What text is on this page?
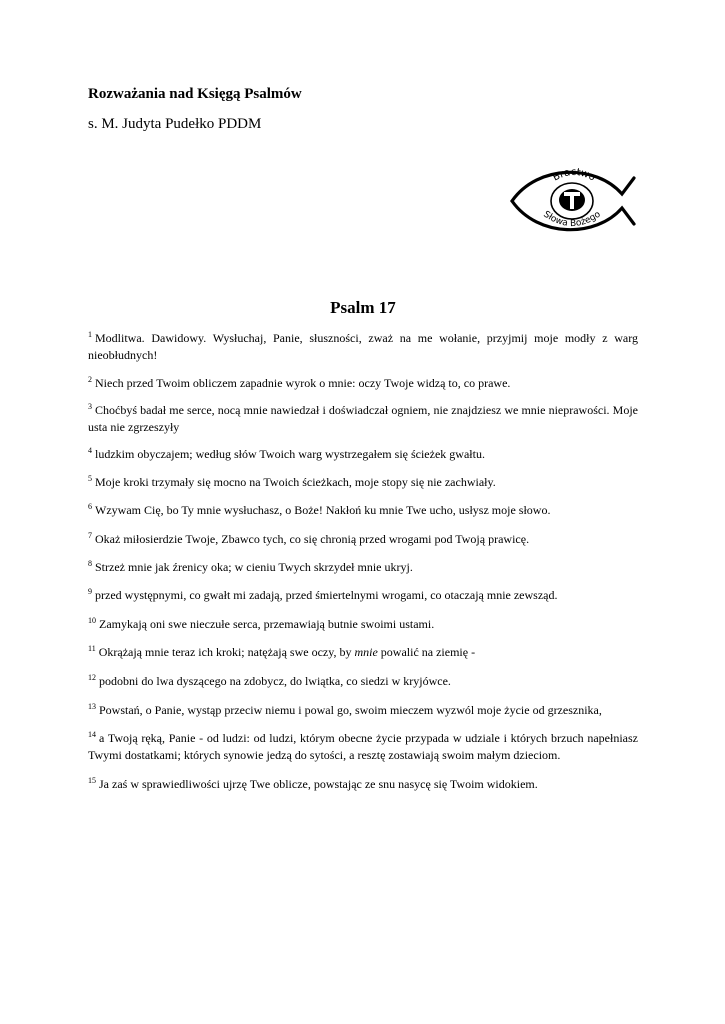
Rozważania nad Księgą Psalmów

s. M. Judyta Pudełko PDDM

Bractwo
Słowa Bożego
Psalm 17

$^1$ Modlitwa. Dawidowy. Wysłuchaj, Panie, słuszności, zważ na me wołanie, przyjmij moje modły z warg nieobłudnych!

$^2$ Niech przed Twoim obliczem zapadnie wyrok o mnie: oczy Twoje widzą to, co prawe.

$^3$ Choćbyś badał me serce, nocą mnie nawiedzał i doświadczał ogniem, nie znajdziesz we mnie nieprawości. Moje usta nie zgrzeszyły

$^4$ ludzkim obyczajem; według słów Twoich warg wystrzegałem się ścieżek gwałtu.

$^5$ Moje kroki trzymały się mocno na Twoich ścieżkach, moje stopy się nie zachwiały.

$^6$ Wzywam Cię, bo Ty mnie wysłuchasz, o Boże! Nakłoń ku mnie Twe ucho, usłysz moje słowo.

$^7$ Okaż miłosierdzie Twoje, Zbawco tych, co się chronią przed wrogami pod Twoją prawicę.

$^8$ Strzeż mnie jak źrenicy oka; w cieniu Twych skrzydeł mnie ukryj.

$^9$ przed występnymi, co gwałt mi zadają, przed śmiertelnymi wrogami, co otaczają mnie zewsząd.

$^{10}$ Zamykają oni swe nieczułe serca, przemawiają butnie swoimi ustami.

$^{11}$ Okrążają mnie teraz ich kroki; natężają swe oczy, by mnie powalić na ziemię -

$^{12}$ podobni do lwa dyszącego na zdobycz, do lwiątka, co siedzi w kryjówce.

$^{13}$ Powstań, o Panie, wystąp przeciw niemu i powal go, swoim mieczem wyzwól moje życie od grzesznika,

$^{14}$ a Twoją ręką, Panie - od ludzi: od ludzi, którym obecne życie przypada w udziale i których brzuch napełniasz Twymi dostatkami; których synowie jedzą do sytości, a resztę zostawiają swoim małym dzieciom.

$^{15}$ Ja zaś w sprawiedliwości ujrzę Twe oblicze, powstając ze snu nasycę się Twoim widokiem.
